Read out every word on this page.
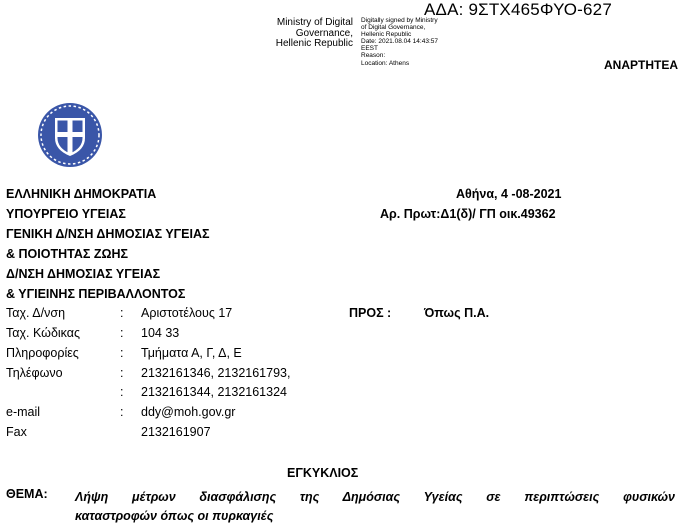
ΑΔΑ: 9ΣΤΧ465ΦΥΟ-627
Ministry of Digital Governance, Hellenic Republic
Digitally signed by Ministry
of Digital Governance,
Hellenic Republic
Date: 2021.08.04 14:43:57
EEST
Reason:
Location: Athens	ΑΝΑΡΤΗΤΕΑ
ΕΛΛΗΝΙΚΗ ΔΗΜΟΚΡΑΤΙΑ
ΥΠΟΥΡΓΕΙΟ ΥΓΕΙΑΣ
ΓΕΝΙΚΗ Δ/ΝΣΗ ΔΗΜΟΣΙΑΣ ΥΓΕΙΑΣ
& ΠΟΙΟΤΗΤΑΣ ΖΩΗΣ
Δ/ΝΣΗ ΔΗΜΟΣΙΑΣ ΥΓΕΙΑΣ
& ΥΓΙΕΙΝΗΣ ΠΕΡΙΒΑΛΛΟΝΤΟΣ
Αθήνα, 4 -08-2021
Αρ. Πρωτ:Δ1(δ)/ ΓΠ οικ.49362
Ταχ. Δ/νση	: Αριστοτέλους 17
Ταχ. Κώδικας	: 104 33
Πληροφορίες	: Τμήματα Α, Γ, Δ, Ε
Τηλέφωνο	: 2132161346, 2132161793,
: 2132161344, 2132161324
e-mail	: ddy@moh.gov.gr
Fax	2132161907
ΠΡΟΣ :	Όπως Π.Α.
ΕΓΚΥΚΛΙΟΣ
ΘΕΜΑ: Λήψη μέτρων διασφάλισης της Δημόσιας Υγείας σε περιπτώσεις φυσικών
καταστροφών όπως οι πυρκαγιές
